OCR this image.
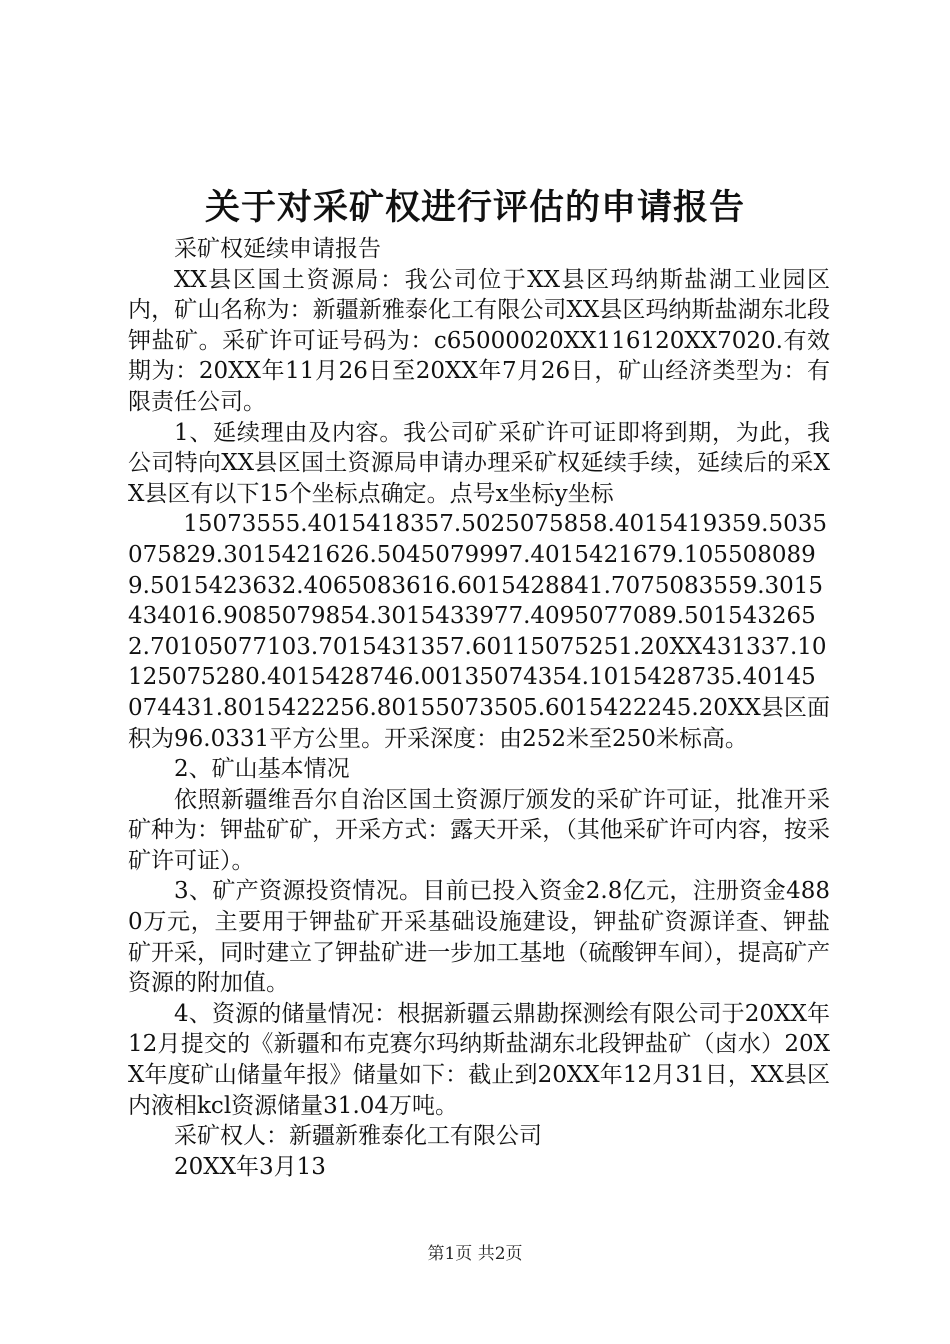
关于对采矿权进行评估的申请报告

采矿权延续申请报告

XX县区国土资源局：我公司位于XX县区玛纳斯盐湖工业园区内，矿山名称为：新疆新雅泰化工有限公司XX县区玛纳斯盐湖东北段钾盐矿。采矿许可证号码为：c65000020XX116120XX7020.有效期为：20XX年11月26日至20XX年7月26日，矿山经济类型为：有限责任公司。

1、延续理由及内容。我公司矿采矿许可证即将到期，为此，我公司特向XX县区国土资源局申请办理采矿权延续手续，延续后的采XX县区有以下15个坐标点确定。点号x坐标y坐标

15073555.4015418357.5025075858.4015419359.5035075829.3015421626.5045079997.4015421679.1055080899.5015423632.4065083616.6015428841.7075083559.3015434016.9085079854.3015433977.4095077089.5015432652.70105077103.7015431357.60115075251.20XX431337.10125075280.4015428746.00135074354.1015428735.40145074431.8015422256.80155073505.6015422245.20XX县区面积为96.0331平方公里。开采深度：由252米至250米标高。

2、矿山基本情况

依照新疆维吾尔自治区国土资源厅颁发的采矿许可证，批准开采矿种为：钾盐矿矿，开采方式：露天开采，（其他采矿许可内容，按采矿许可证）。

3、矿产资源投资情况。目前已投入资金2.8亿元，注册资金4880万元，主要用于钾盐矿开采基础设施建设，钾盐矿资源详查、钾盐矿开采，同时建立了钾盐矿进一步加工基地（硫酸钾车间），提高矿产资源的附加值。

4、资源的储量情况：根据新疆云鼎勘探测绘有限公司于20XX年12月提交的《新疆和布克赛尔玛纳斯盐湖东北段钾盐矿（卤水）20XX年度矿山储量年报》储量如下：截止到20XX年12月31日，XX县区内液相kcl资源储量31.04万吨。

采矿权人：新疆新雅泰化工有限公司

20XX年3月13

第1页 共2页
